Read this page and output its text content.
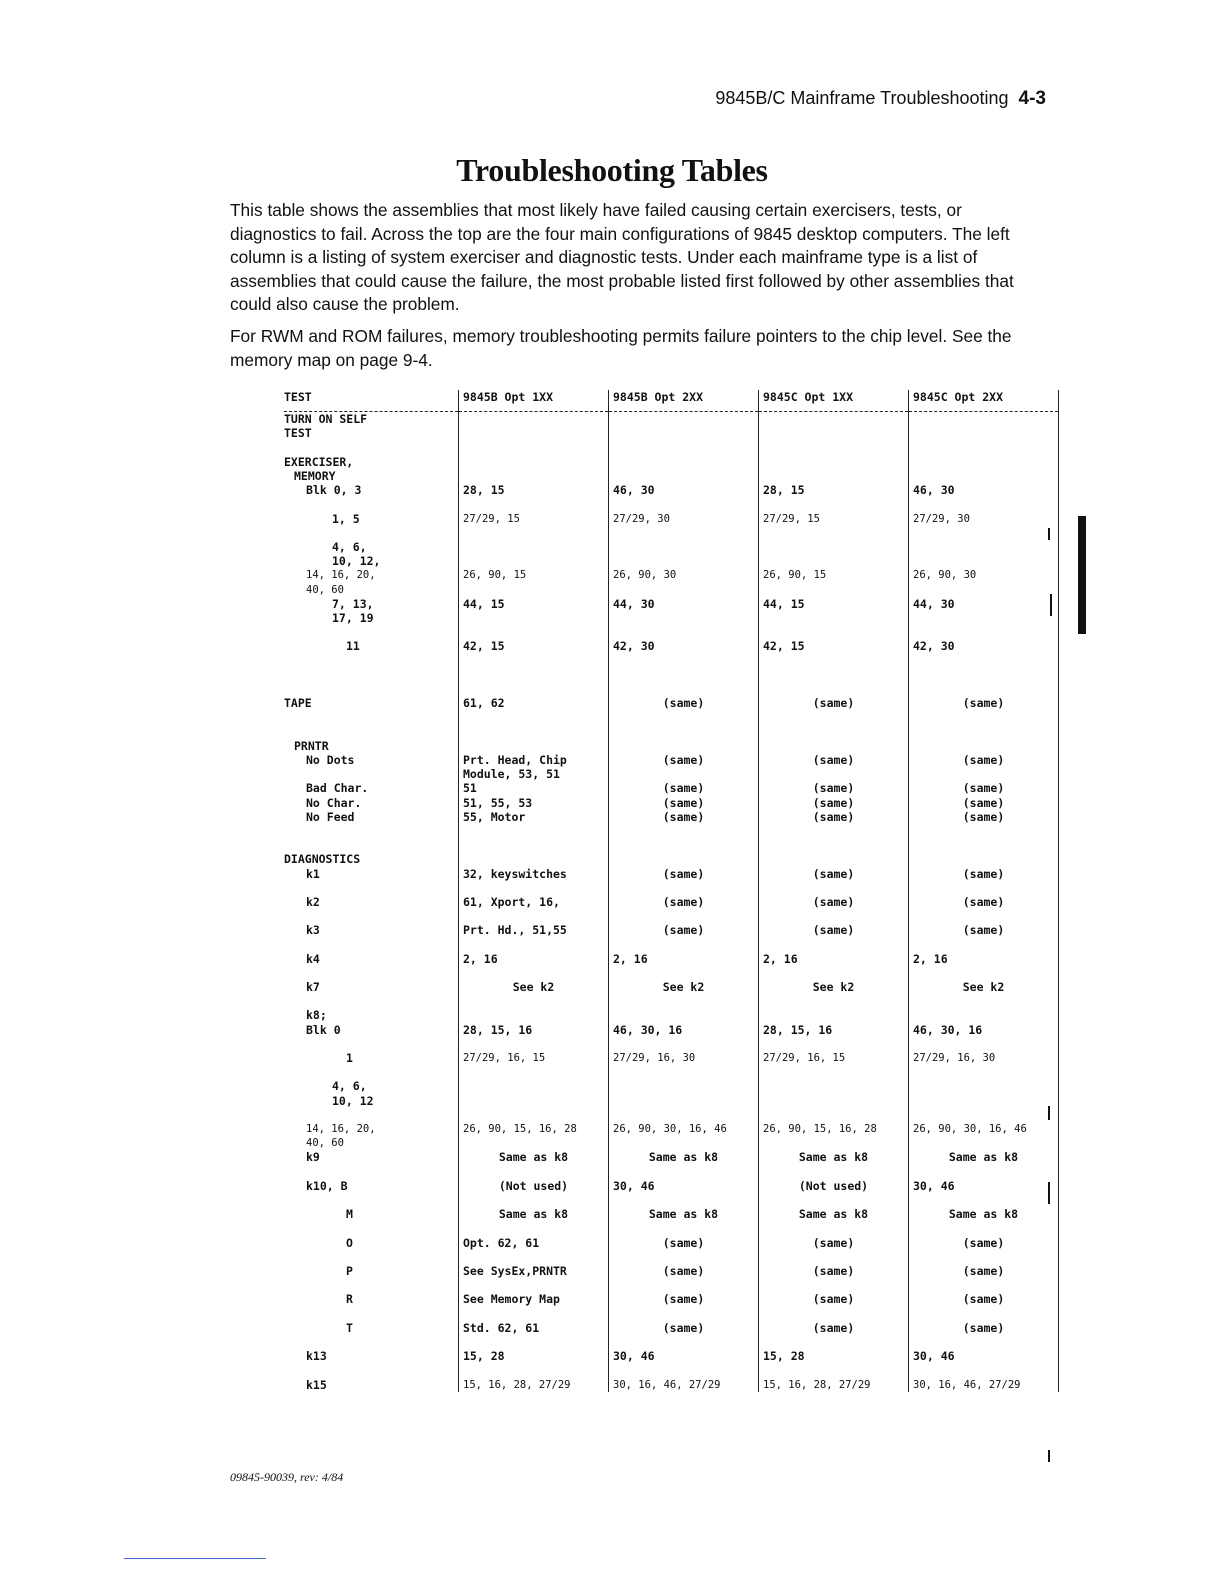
9845B/C Mainframe Troubleshooting 4-3
Troubleshooting Tables

This table shows the assemblies that most likely have failed causing certain exercisers, tests, or diagnostics to fail. Across the top are the four main configurations of 9845 desktop computers. The left column is a listing of system exerciser and diagnostic tests. Under each mainframe type is a list of assemblies that could cause the failure, the most probable listed first followed by other assemblies that could also cause the problem.

For RWM and ROM failures, memory troubleshooting permits failure pointers to the chip level. See the memory map on page 9-4.

TEST	9845B Opt 1XX	9845B Opt 2XX	9845C Opt 1XX	9845C Opt 2XX

TURN ON SELF				
TEST				

EXERCISER,				
MEMORY				
Blk 0, 3	28, 15	46, 30	28, 15	46, 30

1, 5	27/29, 15	27/29, 30	27/29, 15	27/29, 30

4, 6,				
10, 12,				
14, 16, 20,	26, 90, 15	26, 90, 30	26, 90, 15	26, 90, 30
40, 60				
7, 13,	44, 15	44, 30	44, 15	44, 30
17, 19				

11	42, 15	42, 30	42, 15	42, 30

TAPE	61, 62	(same)	(same)	(same)

PRNTR				
No Dots	Prt. Head, Chip	(same)	(same)	(same)
	Module, 53, 51			
Bad Char.	51	(same)	(same)	(same)
No Char.	51, 55, 53	(same)	(same)	(same)
No Feed	55, Motor	(same)	(same)	(same)

DIAGNOSTICS				
k1	32, keyswitches	(same)	(same)	(same)

k2	61, Xport, 16,	(same)	(same)	(same)

k3	Prt. Hd., 51,55	(same)	(same)	(same)

k4	2, 16	2, 16	2, 16	2, 16

k7	See k2	See k2	See k2	See k2

k8;				
Blk 0	28, 15, 16	46, 30, 16	28, 15, 16	46, 30, 16

1	27/29, 16, 15	27/29, 16, 30	27/29, 16, 15	27/29, 16, 30

4, 6,				
10, 12				

14, 16, 20,	26, 90, 15, 16, 28	26, 90, 30, 16, 46	26, 90, 15, 16, 28	26, 90, 30, 16, 46
40, 60				
k9	Same as k8	Same as k8	Same as k8	Same as k8

k10, B	(Not used)	30, 46	(Not used)	30, 46

M	Same as k8	Same as k8	Same as k8	Same as k8

O	Opt. 62, 61	(same)	(same)	(same)

P	See SysEx,PRNTR	(same)	(same)	(same)

R	See Memory Map	(same)	(same)	(same)

T	Std. 62, 61	(same)	(same)	(same)

k13	15, 28	30, 46	15, 28	30, 46

k15	15, 16, 28, 27/29	30, 16, 46, 27/29	15, 16, 28, 27/29	30, 16, 46, 27/29
09845-90039, rev: 4/84
